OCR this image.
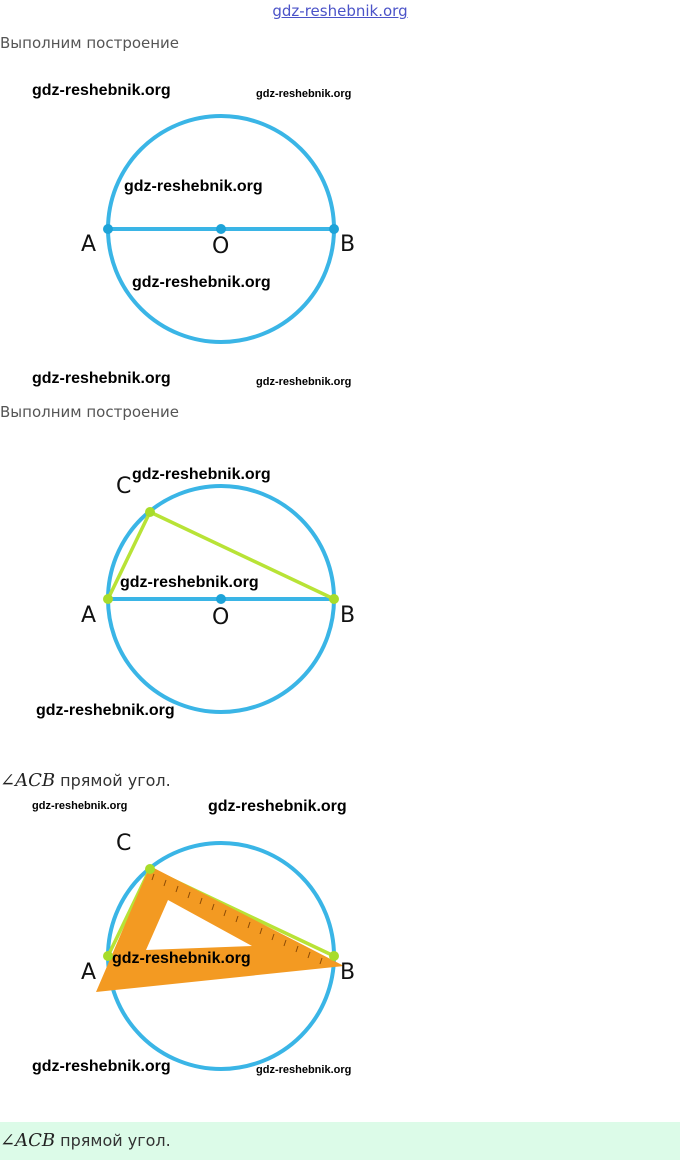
gdz-reshebnik.org
Выполним построение
gdz-reshebnik.org	gdz-reshebnik.org
gdz-reshebnik.org
gdz-reshebnik.org
A	O	B
gdz-reshebnik.org	gdz-reshebnik.org
Выполним построение
C gdz-reshebnik.org
gdz-reshebnik.org
A	O	B
gdz-reshebnik.org
∠ACB прямой угол.
gdz-reshebnik.org	gdz-reshebnik.org
C
gdz-reshebnik.org
A	B
gdz-reshebnik.org	gdz-reshebnik.org
∠ACB прямой угол.
